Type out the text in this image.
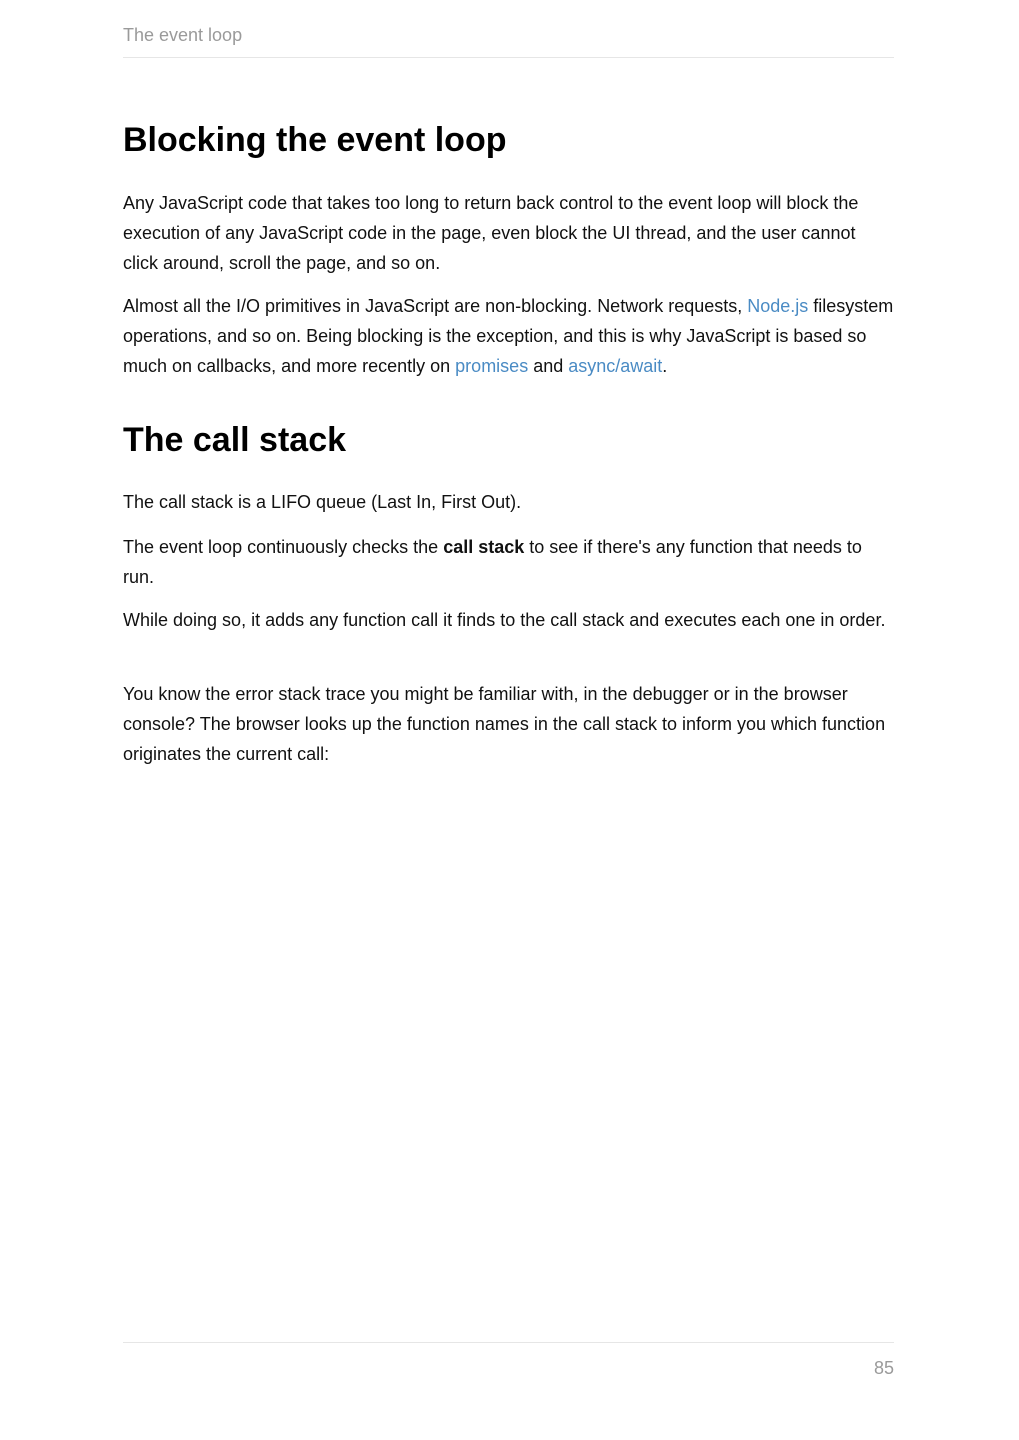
The event loop
Blocking the event loop

Any JavaScript code that takes too long to return back control to the event loop will block the execution of any JavaScript code in the page, even block the UI thread, and the user cannot click around, scroll the page, and so on.

Almost all the I/O primitives in JavaScript are non-blocking. Network requests, Node.js filesystem operations, and so on. Being blocking is the exception, and this is why JavaScript is based so much on callbacks, and more recently on promises and async/await.

The call stack

The call stack is a LIFO queue (Last In, First Out).

The event loop continuously checks the call stack to see if there's any function that needs to run.

While doing so, it adds any function call it finds to the call stack and executes each one in order.

You know the error stack trace you might be familiar with, in the debugger or in the browser console? The browser looks up the function names in the call stack to inform you which function originates the current call:

85
